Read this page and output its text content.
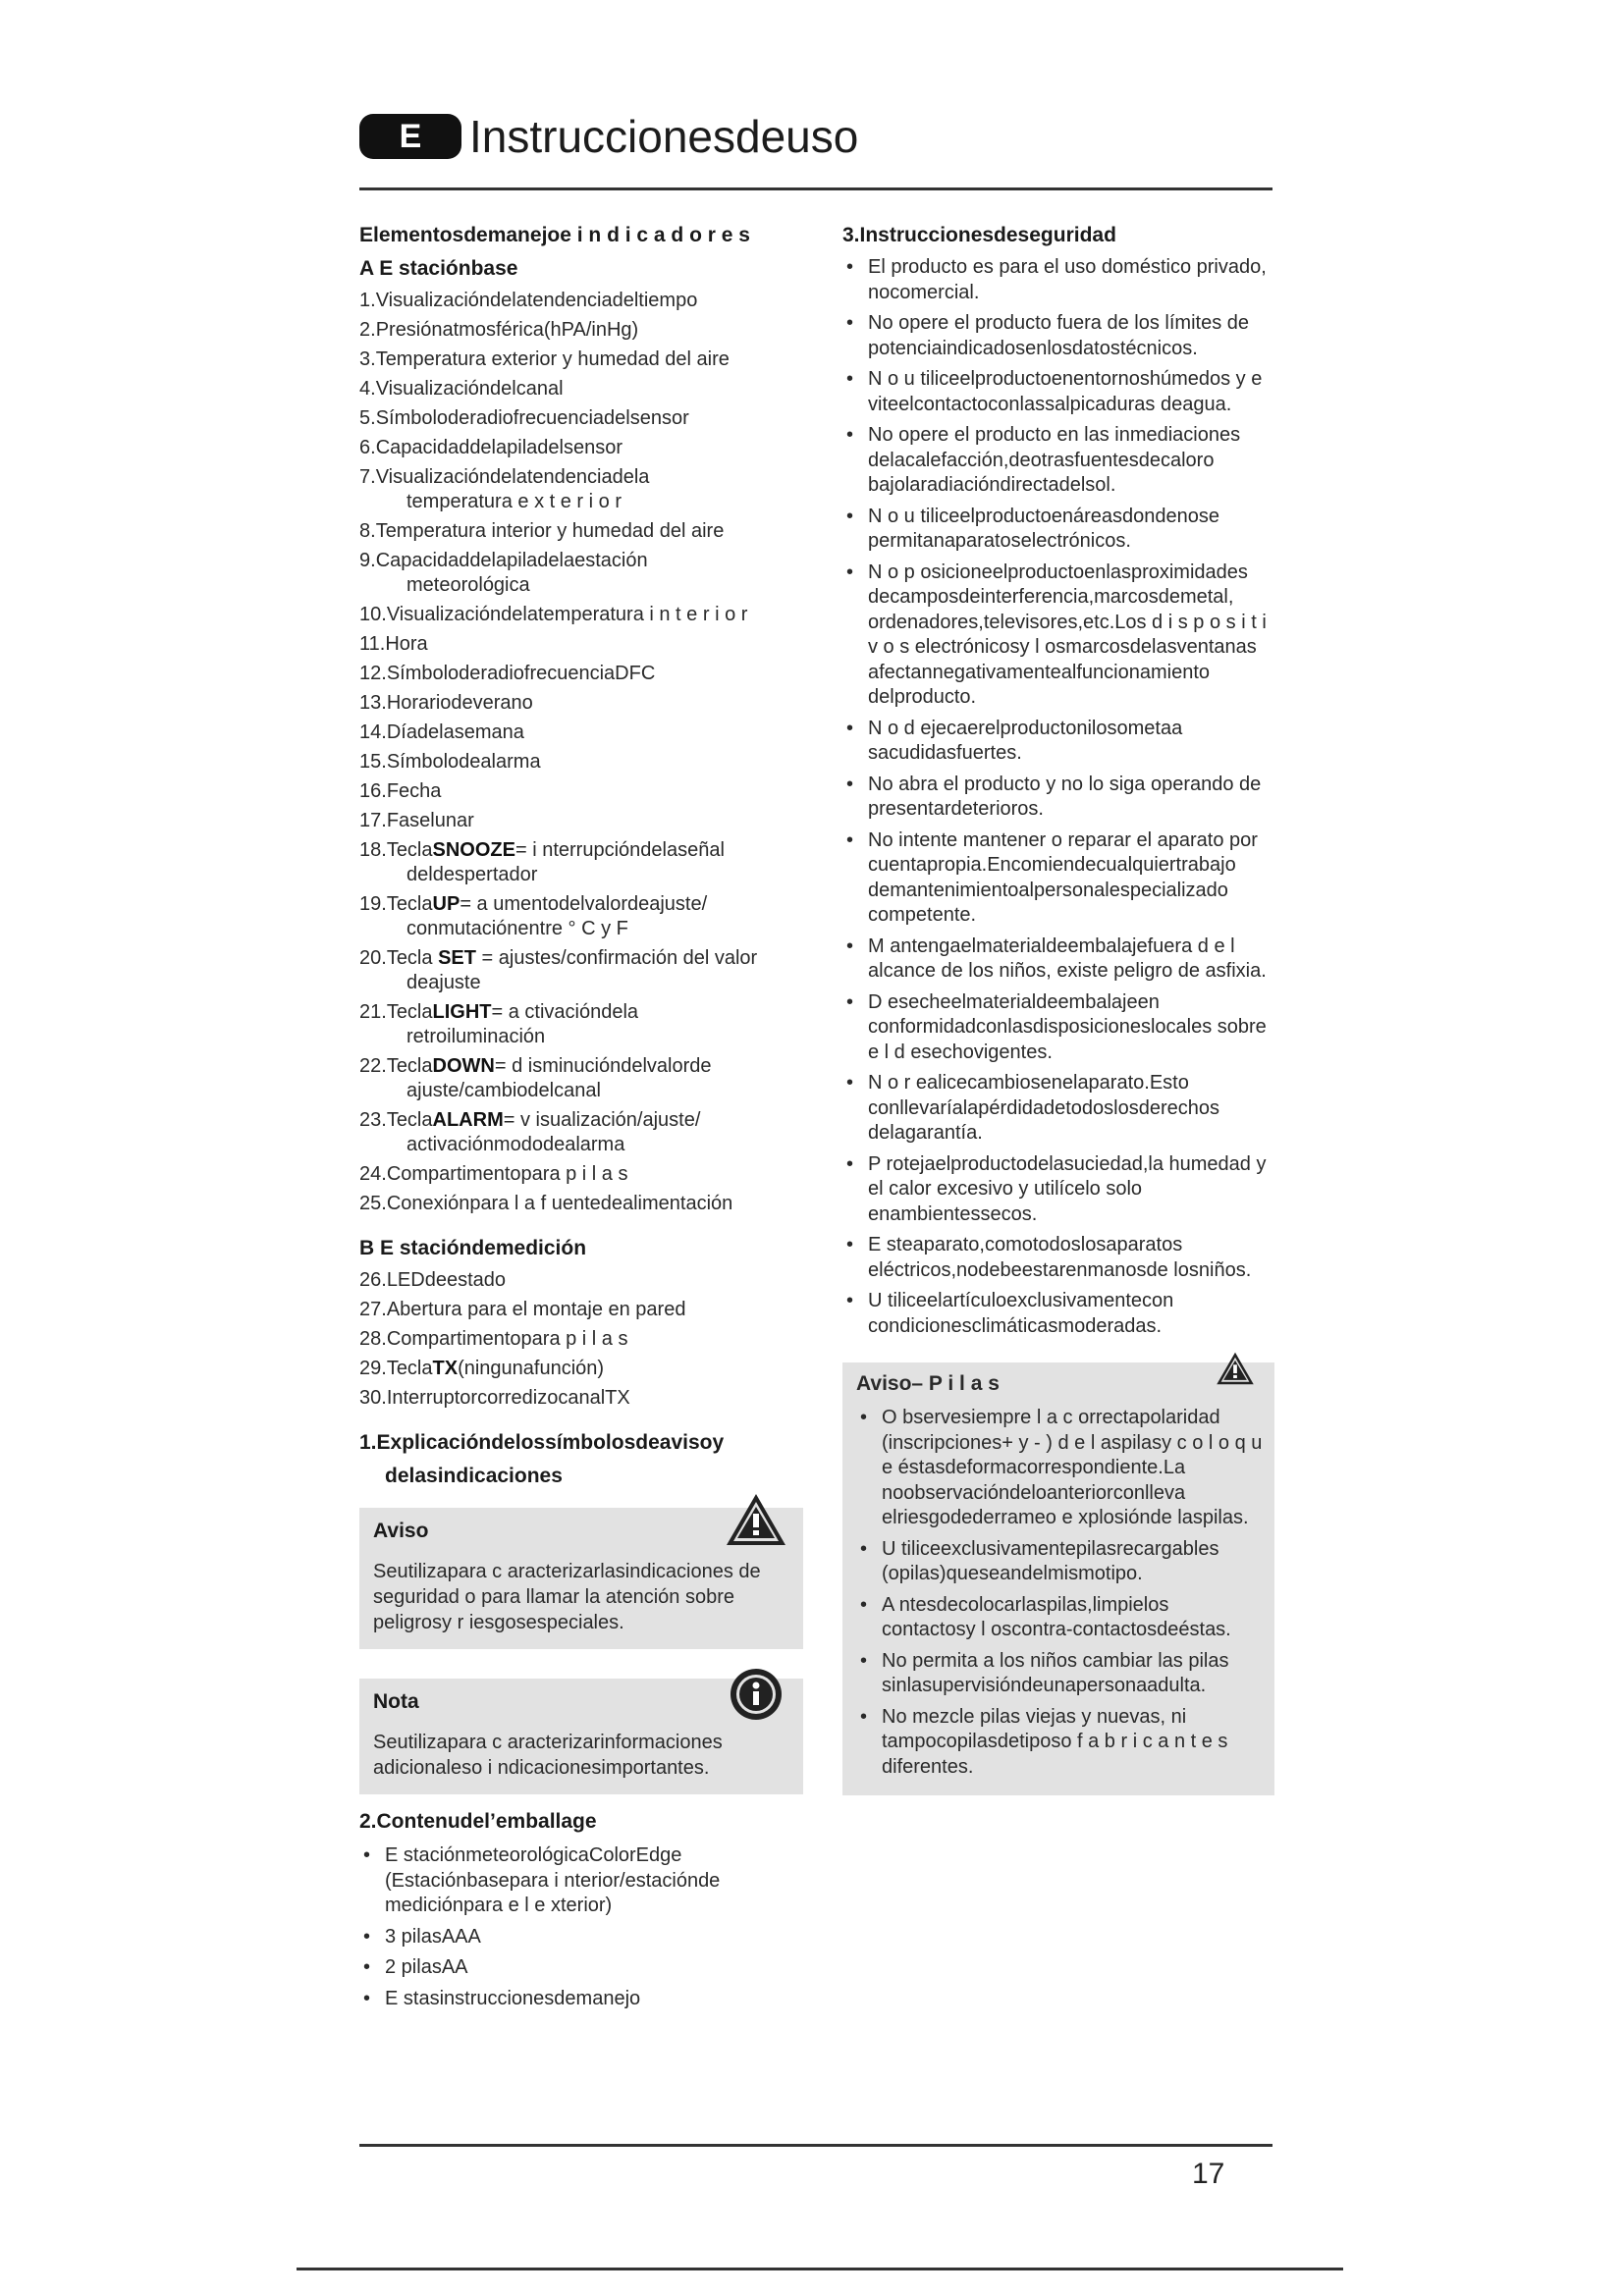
E	Instruccionesdeuso
Elementosdemanejoe i n d i c a d o r e s
A E staciónbase
1.Visualizacióndelatendenciadeltiempo
2.Presiónatmosférica(hPA/inHg)
3.Temperatura exterior y humedad del aire
4.Visualizacióndelcanal
5.Símboloderadiofrecuenciadelsensor
6.Capacidaddelapiladelsensor
7.Visualizacióndelatendenciadela
temperatura e x t e r i o r
8.Temperatura interior y humedad del aire
9.Capacidaddelapiladelaestación
meteorológica
10.Visualizacióndelatemperatura i n t e r i o r
11.Hora
12.SímboloderadiofrecuenciaDFC
13.Horariodeverano
14.Díadelasemana
15.Símbolodealarma
16.Fecha
17.Faselunar
18.TeclaSNOOZE= i nterrupcióndelaseñal
deldespertador
19.TeclaUP= a umentodelvalordeajuste/
conmutaciónentre ° C y F
20.Tecla SET = ajustes/confirmación del valor
deajuste
21.TeclaLIGHT= a ctivacióndela
retroiluminación
22.TeclaDOWN= d isminucióndelvalorde
ajuste/cambiodelcanal
23.TeclaALARM= v isualización/ajuste/
activaciónmododealarma
24.Compartimentopara p i l a s
25.Conexiónpara l a f uentedealimentación
B E stacióndemedición
26.LEDdeestado
27.Abertura para el montaje en pared
28.Compartimentopara p i l a s
29.TeclaTX(ningunafunción)
30.InterruptorcorredizocanalTX
1.Explicacióndelossímbolosdeavisoy
delasindicaciones
Aviso
Seutilizapara c aracterizarlasindicaciones de seguridad o para llamar la atención sobre peligrosy r iesgosespeciales.
Nota
Seutilizapara c aracterizarinformaciones adicionaleso i ndicacionesimportantes.
2.Contenudel’emballage
• E staciónmeteorológicaColorEdge (Estaciónbasepara i nterior/estaciónde mediciónpara e l e xterior)
• 3 pilasAAA
• 2 pilasAA
• E stasinstruccionesdemanejo
3.Instruccionesdeseguridad
• El producto es para el uso doméstico privado, nocomercial.
• No opere el producto fuera de los límites de potenciaindicadosenlosdatostécnicos.
• N o u tiliceelproductoenentornoshúmedos y e viteelcontactoconlassalpicaduras deagua.
• No opere el producto en las inmediaciones delacalefacción,deotrasfuentesdecaloro bajolaradiacióndirectadelsol.
• N o u tiliceelproductoenáreasdondenose permitanaparatoselectrónicos.
• N o p osicioneelproductoenlasproximidades decamposdeinterferencia,marcosdemetal, ordenadores,televisores,etc.Los d i s p o s i t i v o s electrónicosy l osmarcosdelasventanas afectannegativamentealfuncionamiento delproducto.
• N o d ejecaerelproductonilosometaa sacudidasfuertes.
• No abra el producto y no lo siga operando de presentardeterioros.
• No intente mantener o reparar el aparato por cuentapropia.Encomiendecualquiertrabajo demantenimientoalpersonalespecializado competente.
• M antengaelmaterialdeembalajefuera d e l alcance de los niños, existe peligro de asfixia.
• D esecheelmaterialdeembalajeen conformidadconlasdisposicioneslocales sobre e l d esechovigentes.
• N o r ealicecambiosenelaparato.Esto conllevaríalapérdidadetodoslosderechos delagarantía.
• P rotejaelproductodelasuciedad,la humedad y el calor excesivo y utilícelo solo enambientessecos.
• E steaparato,comotodoslosaparatos eléctricos,nodebeestarenmanosde losniños.
• U tiliceelartículoexclusivamentecon condicionesclimáticasmoderadas.
Aviso– P i l a s
• O bservesiempre l a c orrectapolaridad (inscripciones+ y - ) d e l aspilasy c o l o q u e éstasdeformacorrespondiente.La noobservacióndeloanteriorconlleva elriesgodederrameo e xplosiónde laspilas.
• U tiliceexclusivamentepilasrecargables (opilas)queseandelmismotipo.
• A ntesdecolocarlaspilas,limpielos contactosy l oscontra-contactosdeéstas.
• No permita a los niños cambiar las pilas sinlasupervisióndeunapersonaadulta.
• No mezcle pilas viejas y nuevas, ni tampocopilasdetiposo f a b r i c a n t e s diferentes.
17
